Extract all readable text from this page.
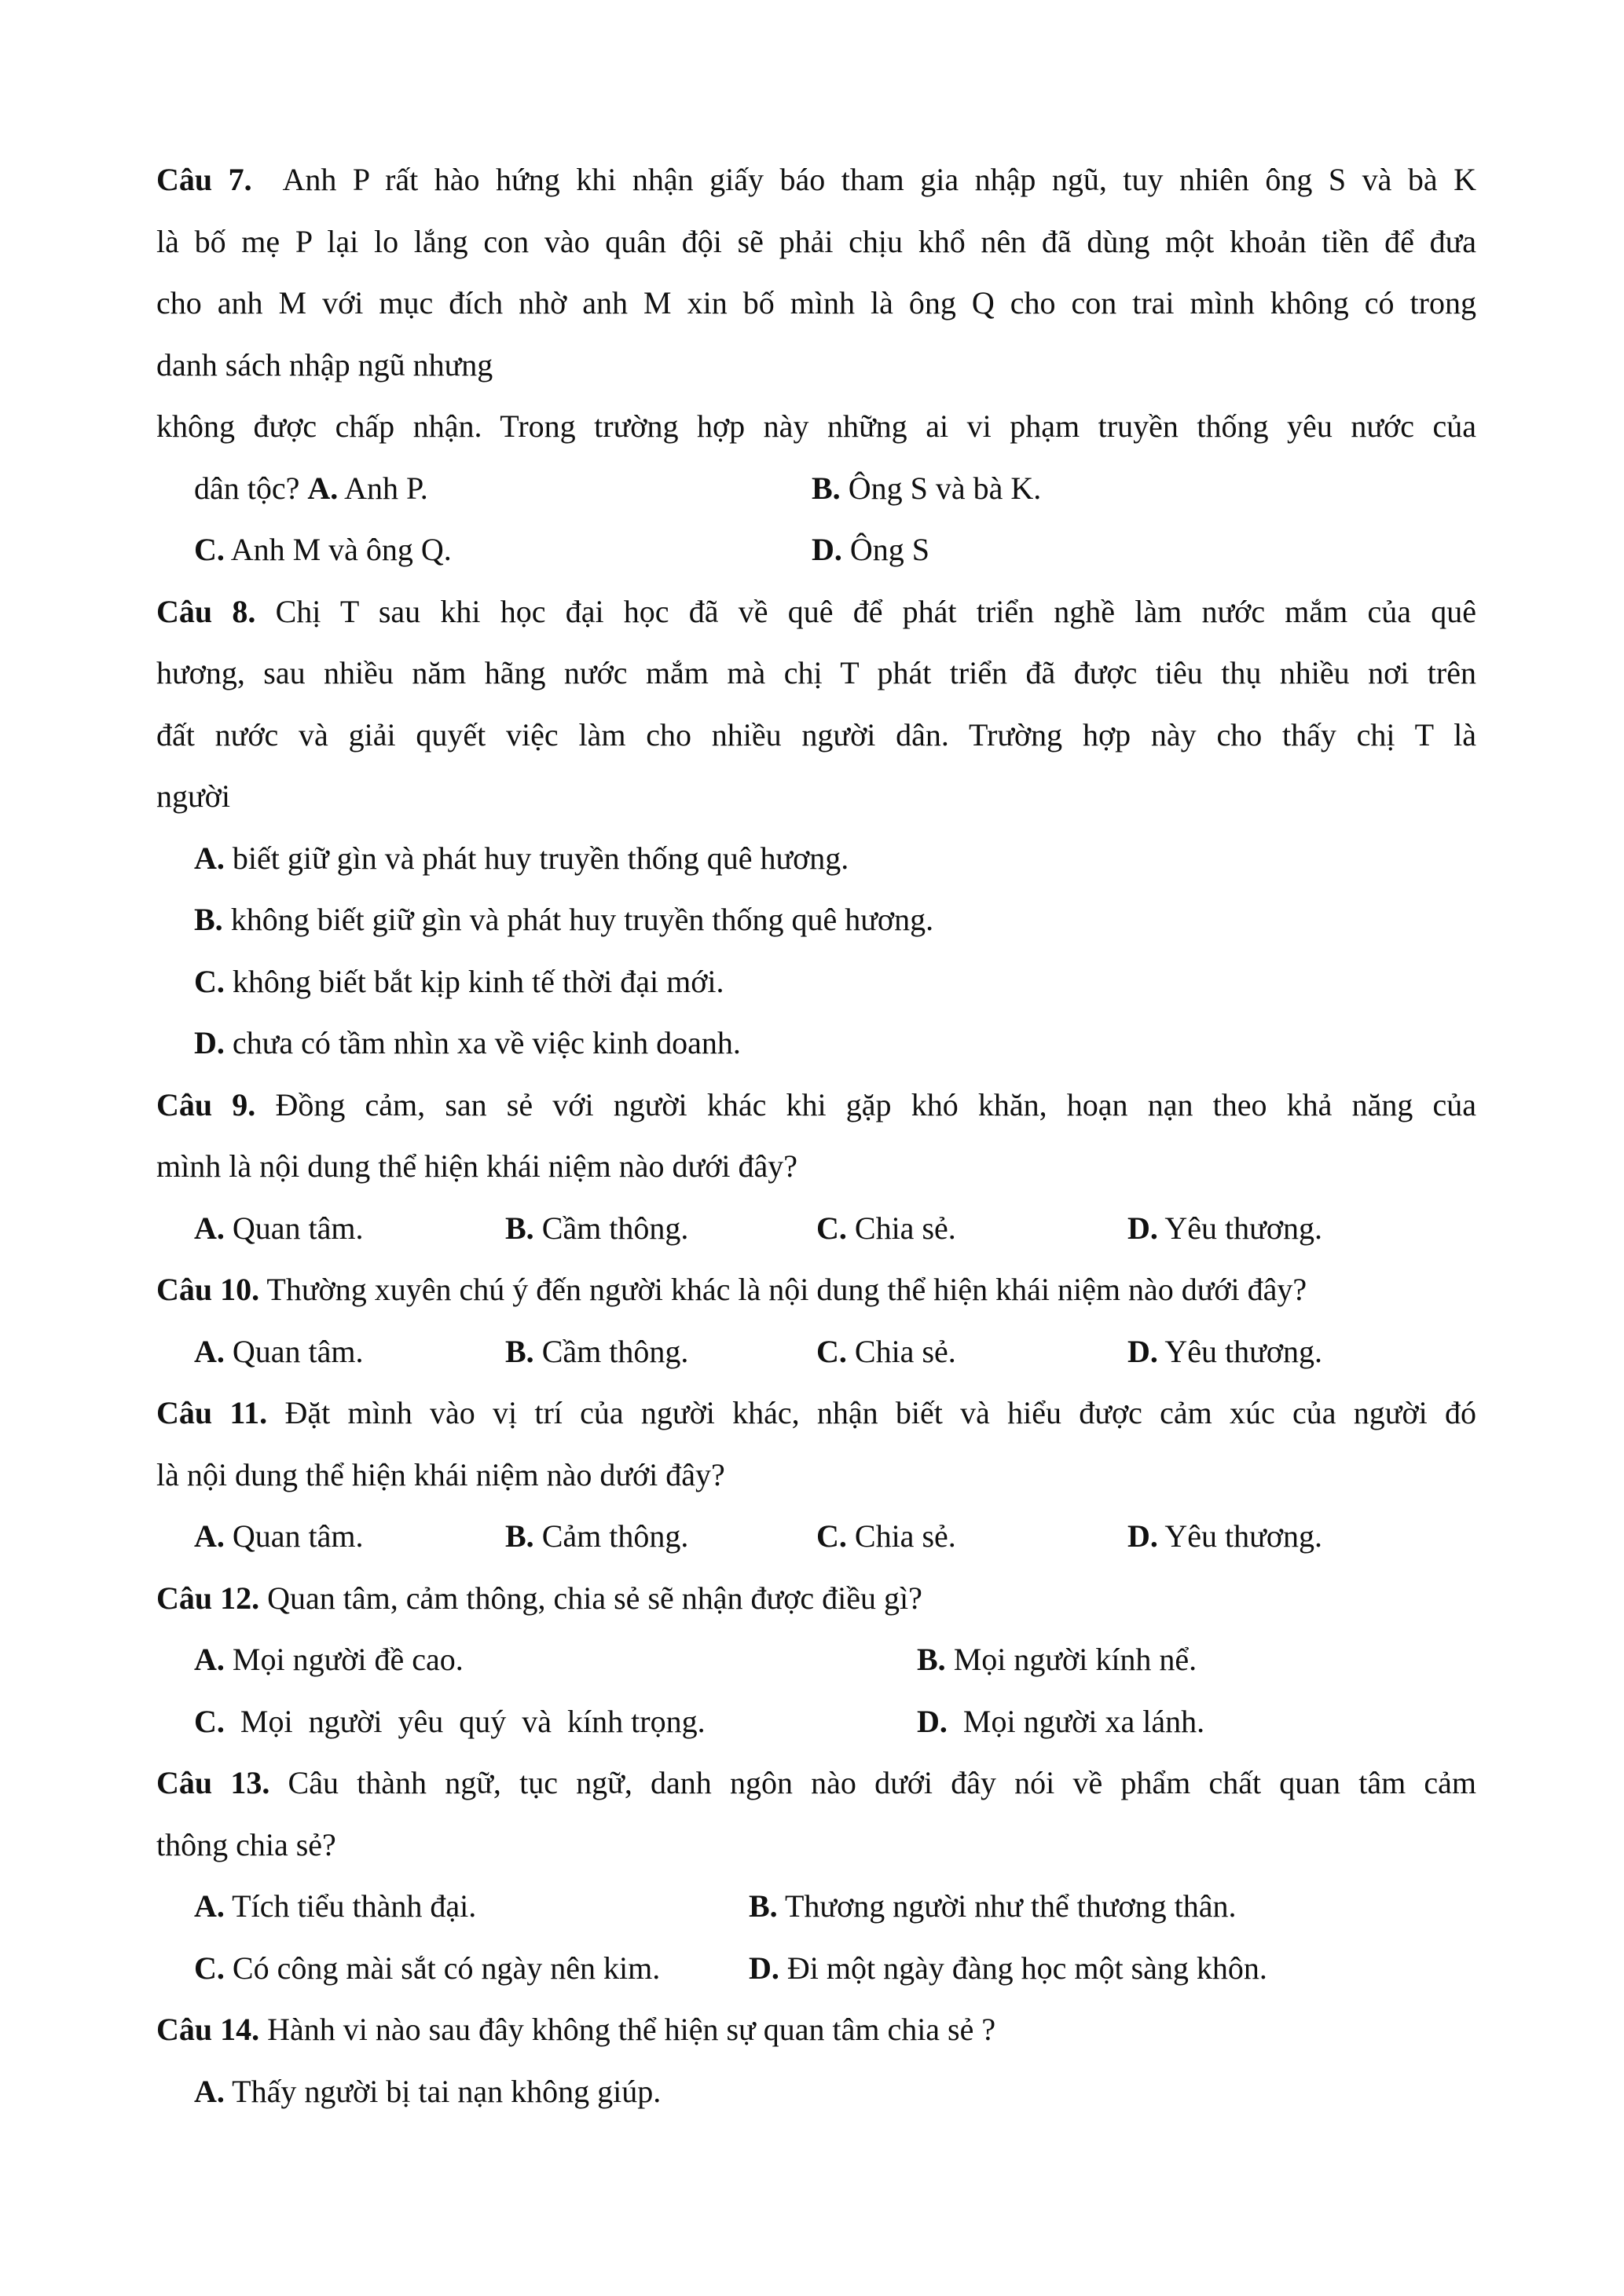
Câu 7. Anh P rất hào hứng khi nhận giấy báo tham gia nhập ngũ, tuy nhiên ông S và bà K
là bố mẹ P lại lo lắng con vào quân đội sẽ phải chịu khổ nên đã dùng một khoản tiền để đưa
cho anh M với mục đích nhờ anh M xin bố mình là ông Q cho con trai mình không có trong
danh sách nhập ngũ nhưng
không được chấp nhận. Trong trường hợp này những ai vi phạm truyền thống yêu nước của
dân tộc? A. Anh P.	B. Ông S và bà K.
C. Anh M và ông Q.	D. Ông S
Câu 8. Chị T sau khi học đại học đã về quê để phát triển nghề làm nước mắm của quê
hương, sau nhiều năm hãng nước mắm mà chị T phát triển đã được tiêu thụ nhiều nơi trên
đất nước và giải quyết việc làm cho nhiều người dân. Trường hợp này cho thấy chị T là
người
A. biết giữ gìn và phát huy truyền thống quê hương.
B. không biết giữ gìn và phát huy truyền thống quê hương.
C. không biết bắt kịp kinh tế thời đại mới.
D. chưa có tầm nhìn xa về việc kinh doanh.
Câu 9. Đồng cảm, san sẻ với người khác khi gặp khó khăn, hoạn nạn theo khả năng của
mình là nội dung thể hiện khái niệm nào dưới đây?
A. Quan tâm.	B. Cầm thông.	C. Chia sẻ.	D. Yêu thương.
Câu 10. Thường xuyên chú ý đến người khác là nội dung thể hiện khái niệm nào dưới đây?
A. Quan tâm.	B. Cầm thông.	C. Chia sẻ.	D. Yêu thương.
Câu 11. Đặt mình vào vị trí của người khác, nhận biết và hiểu được cảm xúc của người đó
là nội dung thể hiện khái niệm nào dưới đây?
A. Quan tâm.	B. Cảm thông.	C. Chia sẻ.	D. Yêu thương.
Câu 12. Quan tâm, cảm thông, chia sẻ sẽ nhận được điều gì?
A. Mọi người đề cao.	B. Mọi người kính nể.
C. Mọi  người  yêu  quý  và  kính trọng.	D. Mọi người xa lánh.
Câu 13. Câu thành ngữ, tục ngữ, danh ngôn nào dưới đây nói về phẩm chất quan tâm cảm
thông chia sẻ?
A. Tích tiểu thành đại.	B. Thương người như thể thương thân.
C. Có công mài sắt có ngày nên kim.	D. Đi một ngày đàng học một sàng khôn.
Câu 14. Hành vi nào sau đây không thể hiện sự quan tâm chia sẻ ?
A. Thấy người bị tai nạn không giúp.
